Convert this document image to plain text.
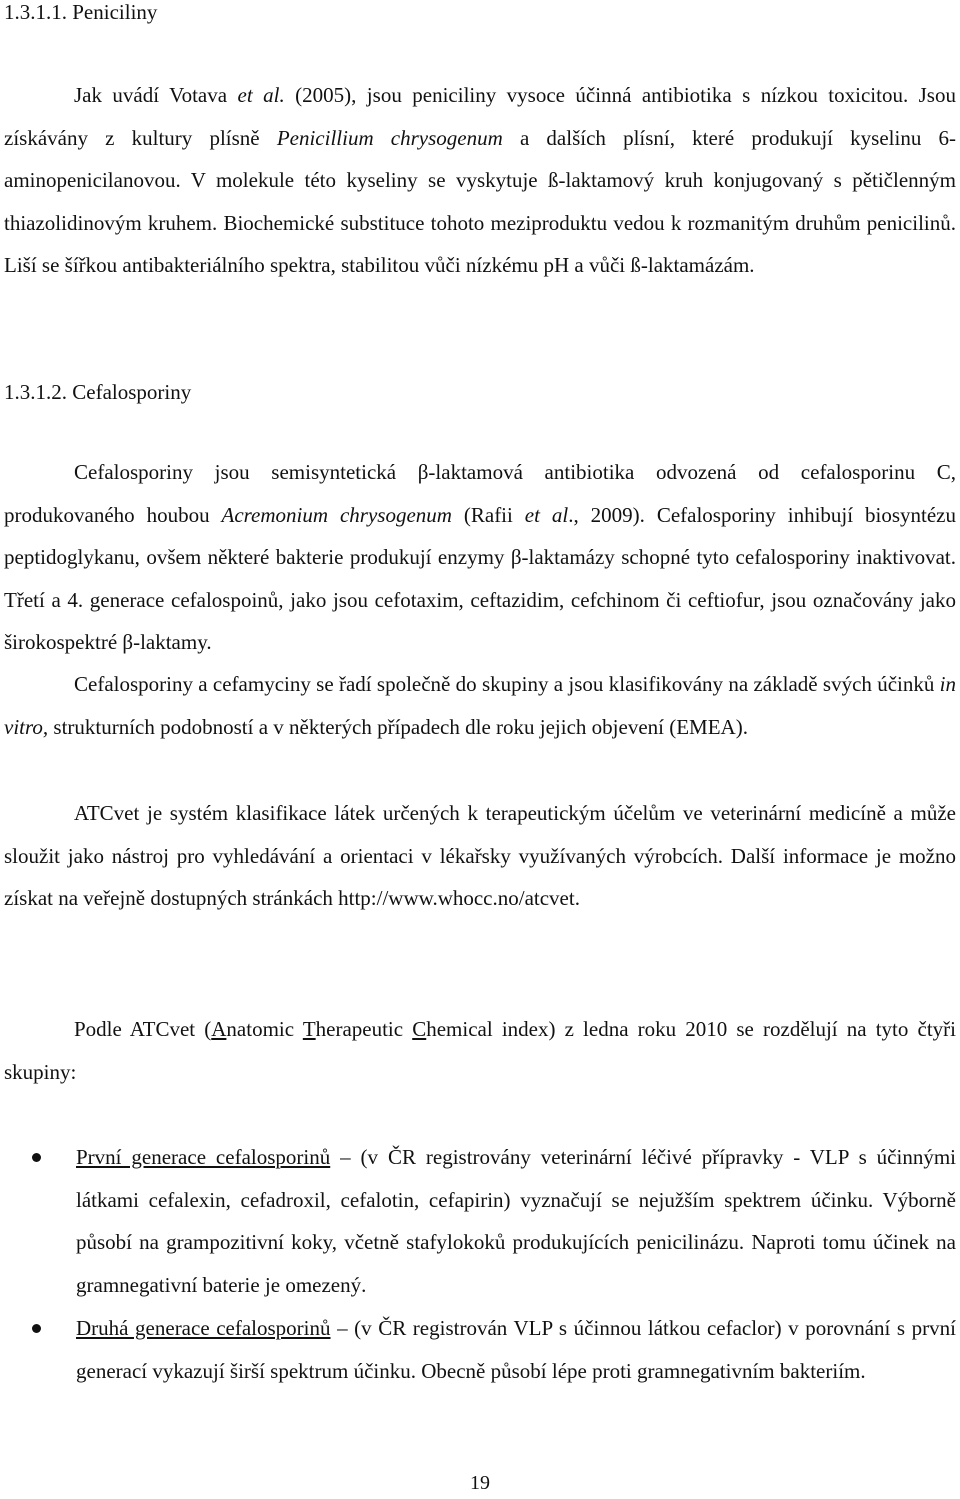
1.3.1.1. Peniciliny
Jak uvádí Votava et al. (2005), jsou peniciliny vysoce účinná antibiotika s nízkou toxicitou. Jsou získávány z kultury plísně Penicillium chrysogenum a dalších plísní, které produkují kyselinu 6-aminopenicilanovou. V molekule této kyseliny se vyskytuje ß-laktamový kruh konjugovaný s pětičlenným thiazolidinovým kruhem. Biochemické substituce tohoto meziproduktu vedou k rozmanitým druhům penicilinů. Liší se šířkou antibakteriálního spektra, stabilitou vůči nízkému pH a vůči ß-laktamázám.
1.3.1.2. Cefalosporiny
Cefalosporiny jsou semisyntetická β-laktamová antibiotika odvozená od cefalosporinu C, produkovaného houbou Acremonium chrysogenum (Rafii et al., 2009). Cefalosporiny inhibují biosyntézu peptidoglykanu, ovšem některé bakterie produkují enzymy β-laktamázy schopné tyto cefalosporiny inaktivovat. Třetí a 4. generace cefalospoinů, jako jsou cefotaxim, ceftazidim, cefchinom či ceftiofur, jsou označovány jako širokospektré β-laktamy.
Cefalosporiny a cefamyciny se řadí společně do skupiny a jsou klasifikovány na základě svých účinků in vitro, strukturních podobností a v některých případech dle roku jejich objevení (EMEA).
ATCvet je systém klasifikace látek určených k terapeutickým účelům ve veterinární medicíně a může sloužit jako nástroj pro vyhledávání a orientaci v lékařsky využívaných výrobcích. Další informace je možno získat na veřejně dostupných stránkách http://www.whocc.no/atcvet.
Podle ATCvet (Anatomic Therapeutic Chemical index) z ledna roku 2010 se rozdělují na tyto čtyři skupiny:
První generace cefalosporinů – (v ČR registrovány veterinární léčivé přípravky - VLP s účinnými látkami cefalexin, cefadroxil, cefalotin, cefapirin) vyznačují se nejužším spektrem účinku. Výborně působí na grampozitivní koky, včetně stafylokoků produkujících penicilinázu. Naproti tomu účinek na gramnegativní baterie je omezený.
Druhá generace cefalosporinů – (v ČR registrován VLP s účinnou látkou cefaclor) v porovnání s první generací vykazují širší spektrum účinku. Obecně působí lépe proti gramnegativním bakteriím.
19
